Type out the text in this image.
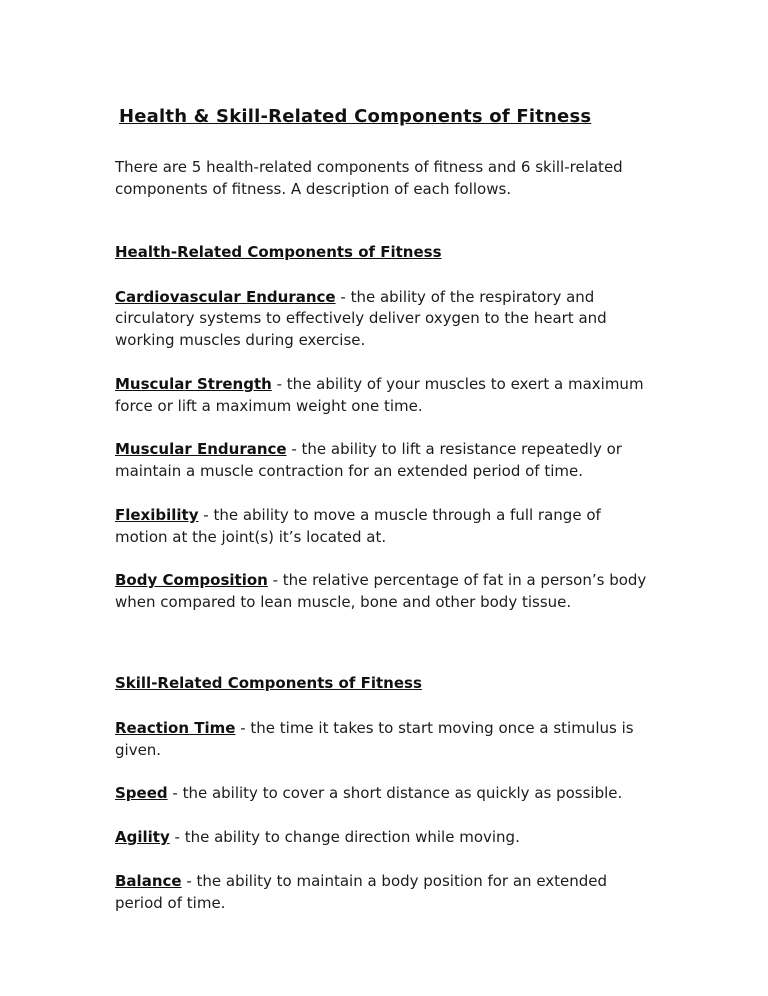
Health & Skill-Related Components of Fitness

There are 5 health-related components of fitness and 6 skill-related components of fitness. A description of each follows.

Health-Related Components of Fitness

Cardiovascular Endurance - the ability of the respiratory and circulatory systems to effectively deliver oxygen to the heart and working muscles during exercise.

Muscular Strength - the ability of your muscles to exert a maximum force or lift a maximum weight one time.

Muscular Endurance - the ability to lift a resistance repeatedly or maintain a muscle contraction for an extended period of time.

Flexibility - the ability to move a muscle through a full range of motion at the joint(s) it’s located at.

Body Composition - the relative percentage of fat in a person’s body when compared to lean muscle, bone and other body tissue.

Skill-Related Components of Fitness

Reaction Time - the time it takes to start moving once a stimulus is given.

Speed - the ability to cover a short distance as quickly as possible.

Agility - the ability to change direction while moving.

Balance - the ability to maintain a body position for an extended period of time.
